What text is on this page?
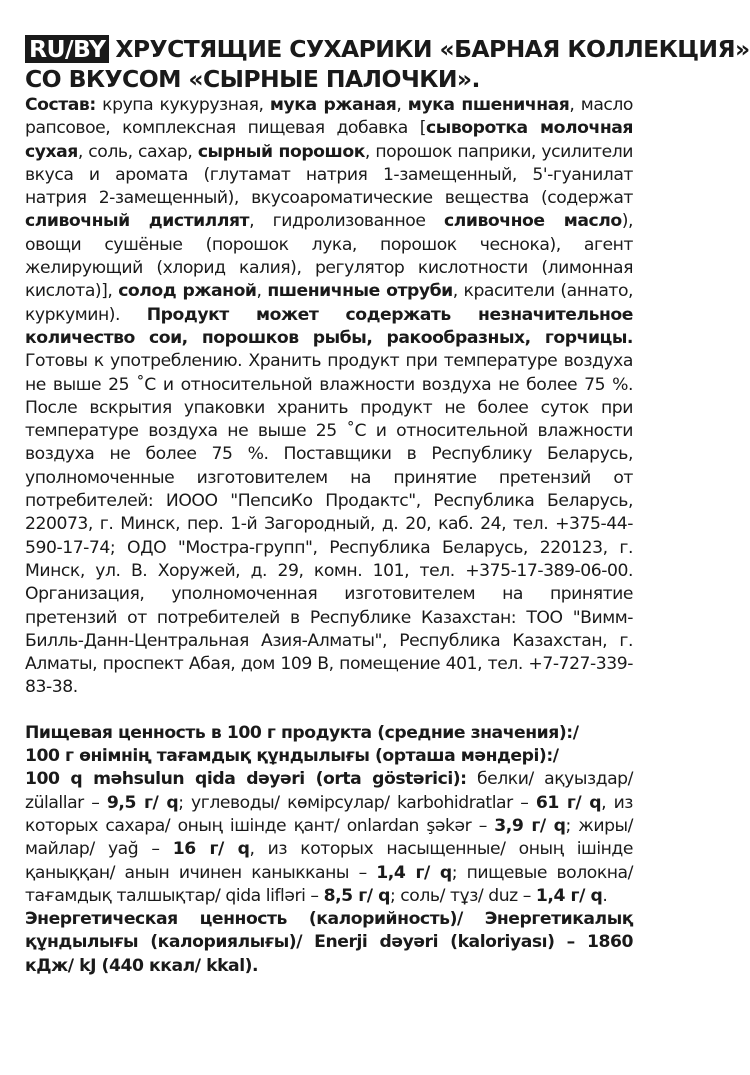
RU/BY ХРУСТЯЩИЕ СУХАРИКИ «БАРНАЯ КОЛЛЕКЦИЯ»
СО ВКУСОМ «СЫРНЫЕ ПАЛОЧКИ».

Состав: крупа кукурузная, мука ржаная, мука пшеничная, масло рапсовое, комплексная пищевая добавка [сыворотка молочная сухая, соль, сахар, сырный порошок, порошок паприки, усилители вкуса и аромата (глутамат натрия 1-замещенный, 5'-гуанилат натрия 2-замещенный), вкусоароматические вещества (содержат сливочный дистиллят, гидролизованное сливочное масло), овощи сушёные (порошок лука, порошок чеснока), агент желирующий (хлорид калия), регулятор кислотности (лимонная кислота)], солод ржаной, пшеничные отруби, красители (аннато, куркумин). Продукт может содержать незначительное количество сои, порошков рыбы, ракообразных, горчицы. Готовы к употреблению. Хранить продукт при температуре воздуха не выше 25 ˚С и относительной влажности воздуха не более 75 %. После вскрытия упаковки хранить продукт не более суток при температуре воздуха не выше 25 ˚С и относительной влажности воздуха не более 75 %. Поставщики в Республику Беларусь, уполномоченные изготовителем на принятие претензий от потребителей: ИООО "ПепсиКо Продактс", Республика Беларусь, 220073, г. Минск, пер. 1-й Загородный, д. 20, каб. 24, тел. +375-44-590-17-74; ОДО "Мостра-групп", Республика Беларусь, 220123, г. Минск, ул. В. Хоружей, д. 29, комн. 101, тел. +375-17-389-06-00. Организация, уполномоченная изготовителем на принятие претензий от потребителей в Республике Казахстан: ТОО "Вимм-Билль-Данн-Центральная Азия-Алматы", Республика Казахстан, г. Алматы, проспект Абая, дом 109 В, помещение 401, тел. +7-727-339-83-38.

Пищевая ценность в 100 г продукта (средние значения):/
100 г өнімнің тағамдық құндылығы (орташа мәндері):/
100 q məhsulun qida dəyəri (orta göstərici): белки/ ақуыздар/ zülallar – 9,5 г/ q; углеводы/ көмірсулар/ karbohidratlar – 61 г/ q, из которых сахара/ оның ішінде қант/ onlardan şəkər – 3,9 г/ q; жиры/ майлар/ yağ – 16 г/ q, из которых насыщенные/ оның ішінде қаныққан/ анын ичинен каныкканы – 1,4 г/ q; пищевые волокна/ тағамдық талшықтар/ qida lifləri – 8,5 г/ q; соль/ тұз/ duz – 1,4 г/ q.
Энергетическая ценность (калорийность)/ Энергетикалық құндылығы (калориялығы)/ Enerji dəyəri (kaloriyası) – 1860 кДж/ kJ (440 ккал/ kkal).
